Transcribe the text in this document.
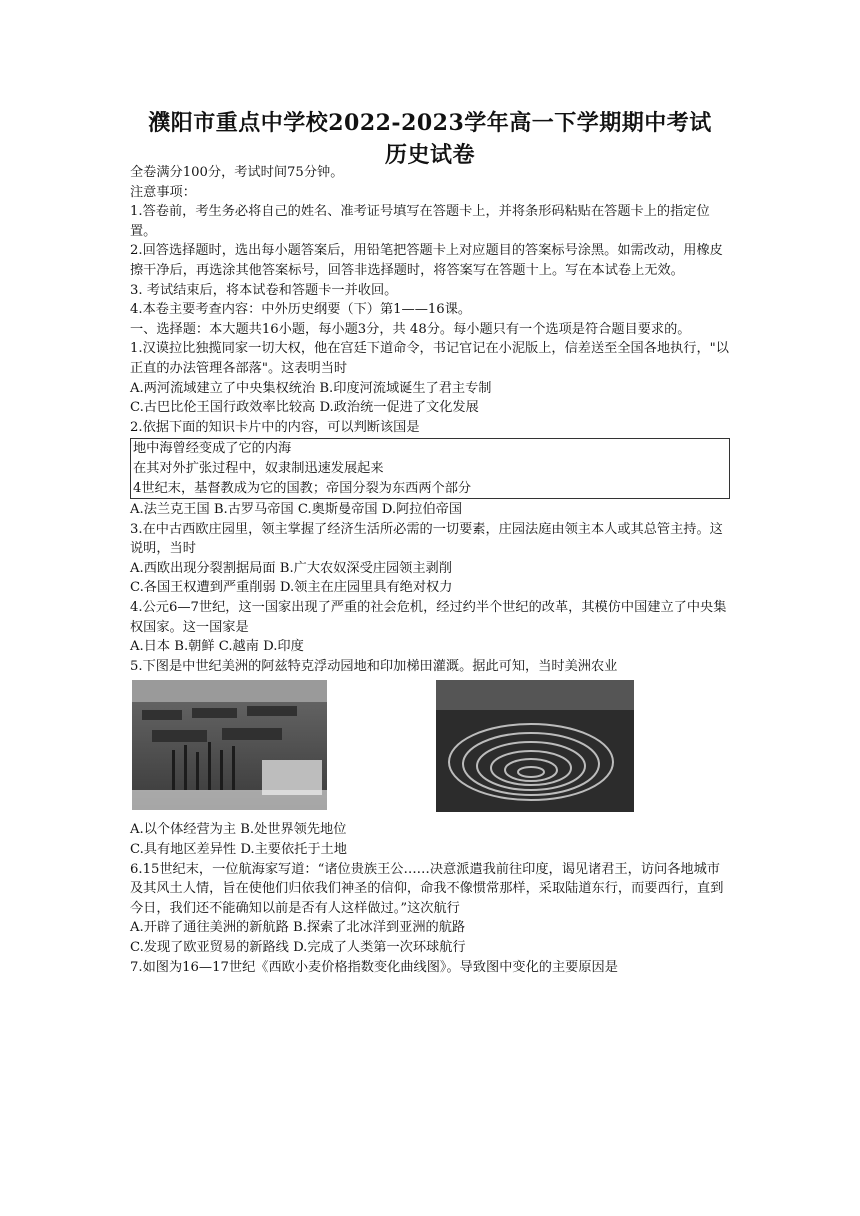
濮阳市重点中学校2022-2023学年高一下学期期中考试
历史试卷

全卷满分100分，考试时间75分钟。

注意事项：

1.答卷前，考生务必将自己的姓名、准考证号填写在答题卡上，并将条形码粘贴在答题卡上的指定位置。

2.回答选择题时，选出每小题答案后，用铅笔把答题卡上对应题目的答案标号涂黑。如需改动，用橡皮擦干净后，再选涂其他答案标号，回答非选择题时，将答案写在答题十上。写在本试卷上无效。

3. 考试结束后，将本试卷和答题卡一并收回。

4.本卷主要考查内容：中外历史纲要（下）第1——16课。

一、选择题：本大题共16小题，每小题3分，共 48分。每小题只有一个选项是符合题目要求的。

1.汉谟拉比独揽同家一切大权，他在宫廷下道命令，书记官记在小泥版上，信差送至全国各地执行，"以正直的办法管理各部落"。这表明当时

A.两河流域建立了中央集权统治 B.印度河流域诞生了君主专制

C.古巴比伦王国行政效率比较高 D.政治统一促进了文化发展

2.依据下面的知识卡片中的内容，可以判断该国是

地中海曾经变成了它的内海

在其对外扩张过程中，奴隶制迅速发展起来

4世纪末，基督教成为它的国教；帝国分裂为东西两个部分

A.法兰克王国 B.古罗马帝国 C.奥斯曼帝国 D.阿拉伯帝国

3.在中古西欧庄园里，领主掌握了经济生活所必需的一切要素，庄园法庭由领主本人或其总管主持。这说明，当时

A.西欧出现分裂割据局面 B.广大农奴深受庄园领主剥削

C.各国王权遭到严重削弱 D.领主在庄园里具有绝对权力

4.公元6—7世纪，这一国家出现了严重的社会危机，经过约半个世纪的改革，其模仿中国建立了中央集权国家。这一国家是

A.日本 B.朝鲜 C.越南 D.印度

5.下图是中世纪美洲的阿兹特克浮动园地和印加梯田灌溉。据此可知，当时美洲农业

A.以个体经营为主 B.处世界领先地位

C.具有地区差异性 D.主要依托于土地

6.15世纪末，一位航海家写道：“诸位贵族王公……决意派遣我前往印度，谒见诸君王，访问各地城市及其风土人情，旨在使他们归依我们神圣的信仰，命我不像惯常那样，采取陆道东行，而要西行，直到今日，我们还不能确知以前是否有人这样做过。”这次航行

A.开辟了通往美洲的新航路 B.探索了北冰洋到亚洲的航路

C.发现了欧亚贸易的新路线 D.完成了人类第一次环球航行

7.如图为16—17世纪《西欧小麦价格指数变化曲线图》。导致图中变化的主要原因是
